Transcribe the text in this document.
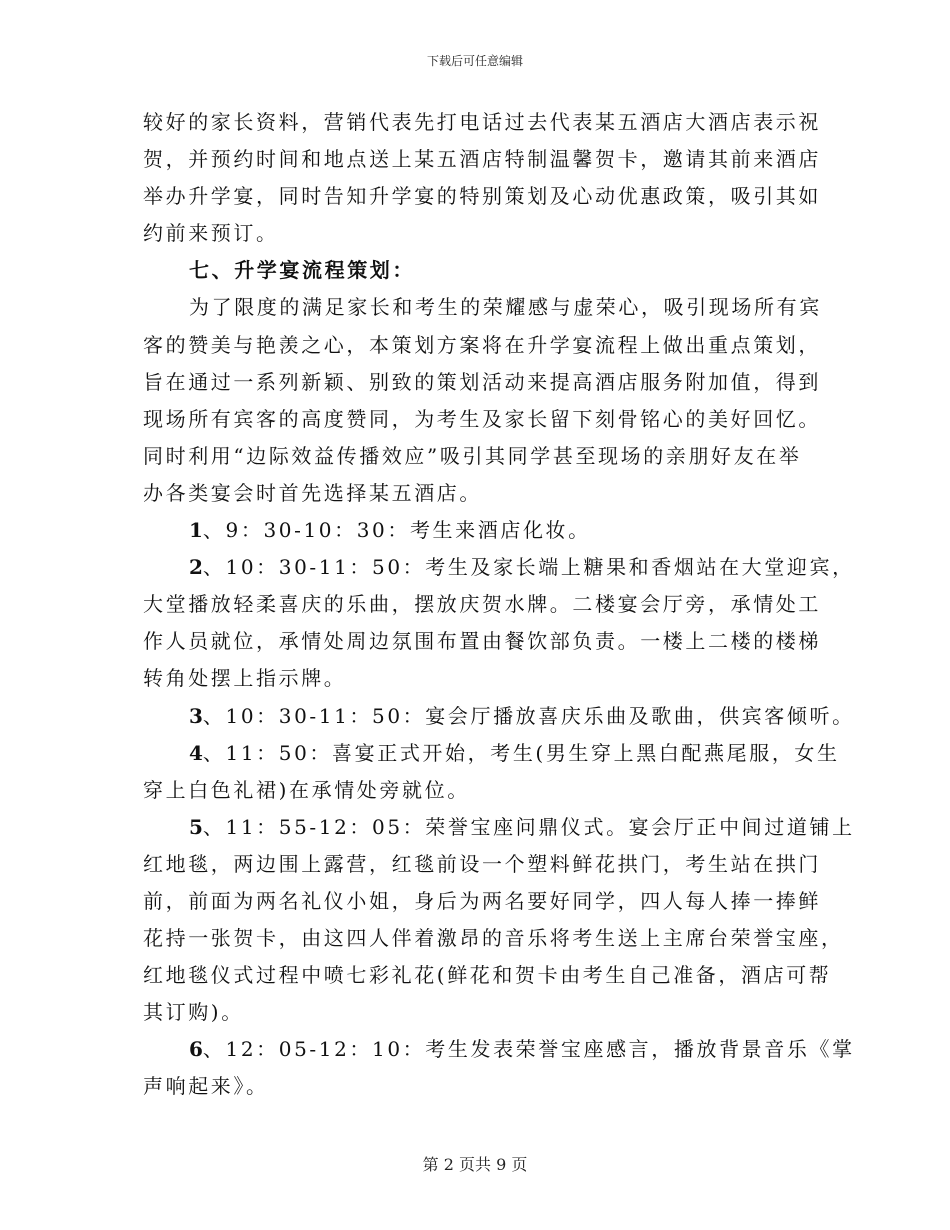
下载后可任意编辑
较好的家长资料，营销代表先打电话过去代表某五酒店大酒店表示祝
贺，并预约时间和地点送上某五酒店特制温馨贺卡，邀请其前来酒店
举办升学宴，同时告知升学宴的特别策划及心动优惠政策，吸引其如
约前来预订。
七、升学宴流程策划：
为了限度的满足家长和考生的荣耀感与虚荣心，吸引现场所有宾
客的赞美与艳羡之心，本策划方案将在升学宴流程上做出重点策划，
旨在通过一系列新颖、别致的策划活动来提高酒店服务附加值，得到
现场所有宾客的高度赞同，为考生及家长留下刻骨铭心的美好回忆。
同时利用“边际效益传播效应”吸引其同学甚至现场的亲朋好友在举
办各类宴会时首先选择某五酒店。
1、9：30-10：30：考生来酒店化妆。
2、10：30-11：50：考生及家长端上糖果和香烟站在大堂迎宾，
大堂播放轻柔喜庆的乐曲，摆放庆贺水牌。二楼宴会厅旁，承情处工
作人员就位，承情处周边氛围布置由餐饮部负责。一楼上二楼的楼梯
转角处摆上指示牌。
3、10：30-11：50：宴会厅播放喜庆乐曲及歌曲，供宾客倾听。
4、11：50：喜宴正式开始，考生(男生穿上黑白配燕尾服，女生
穿上白色礼裙)在承情处旁就位。
5、11：55-12：05：荣誉宝座问鼎仪式。宴会厅正中间过道铺上
红地毯，两边围上露营，红毯前设一个塑料鲜花拱门，考生站在拱门
前，前面为两名礼仪小姐，身后为两名要好同学，四人每人捧一捧鲜
花持一张贺卡，由这四人伴着激昂的音乐将考生送上主席台荣誉宝座，
红地毯仪式过程中喷七彩礼花(鲜花和贺卡由考生自己准备，酒店可帮
其订购)。
6、12：05-12：10：考生发表荣誉宝座感言，播放背景音乐《掌
声响起来》。
第 2 页共 9 页
